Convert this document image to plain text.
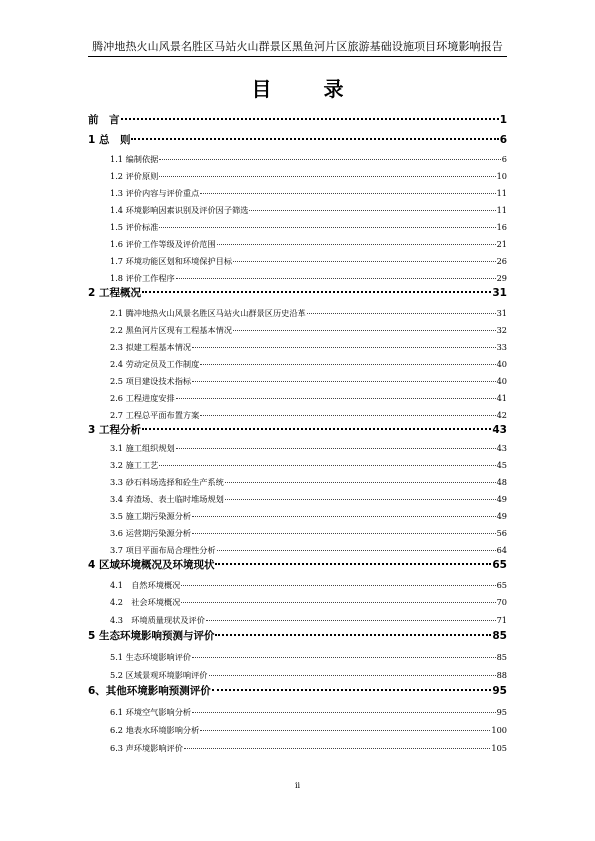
腾冲地热火山风景名胜区马站火山群景区黑鱼河片区旅游基础设施项目环境影响报告
目	录
前　言	1
1 总　则	6
1.1 编制依据	6
1.2 评价原则	10
1.3 评价内容与评价重点	11
1.4 环境影响因素识别及评价因子筛选	11
1.5 评价标准	16
1.6 评价工作等级及评价范围	21
1.7 环境功能区划和环境保护目标	26
1.8 评价工作程序	29
2 工程概况	31
2.1 腾冲地热火山风景名胜区马站火山群景区历史沿革	31
2.2 黑鱼河片区现有工程基本情况	32
2.3 拟建工程基本情况	33
2.4 劳动定员及工作制度	40
2.5 项目建设技术指标	40
2.6 工程进度安排	41
2.7 工程总平面布置方案	42
3 工程分析	43
3.1 施工组织规划	43
3.2 施工工艺	45
3.3 砂石料场选择和砼生产系统	48
3.4 弃渣场、表土临时堆场规划	49
3.5 施工期污染源分析	49
3.6 运营期污染源分析	56
3.7 项目平面布局合理性分析	64
4 区域环境概况及环境现状	65
4.1　自然环境概况	65
4.2　社会环境概况	70
4.3　环境质量现状及评价	71
5 生态环境影响预测与评价	85
5.1 生态环境影响评价	85
5.2 区域景观环境影响评价	88
6、其他环境影响预测评价	95
6.1 环境空气影响分析	95
6.2 地表水环境影响分析	100
6.3 声环境影响评价	105
ii
